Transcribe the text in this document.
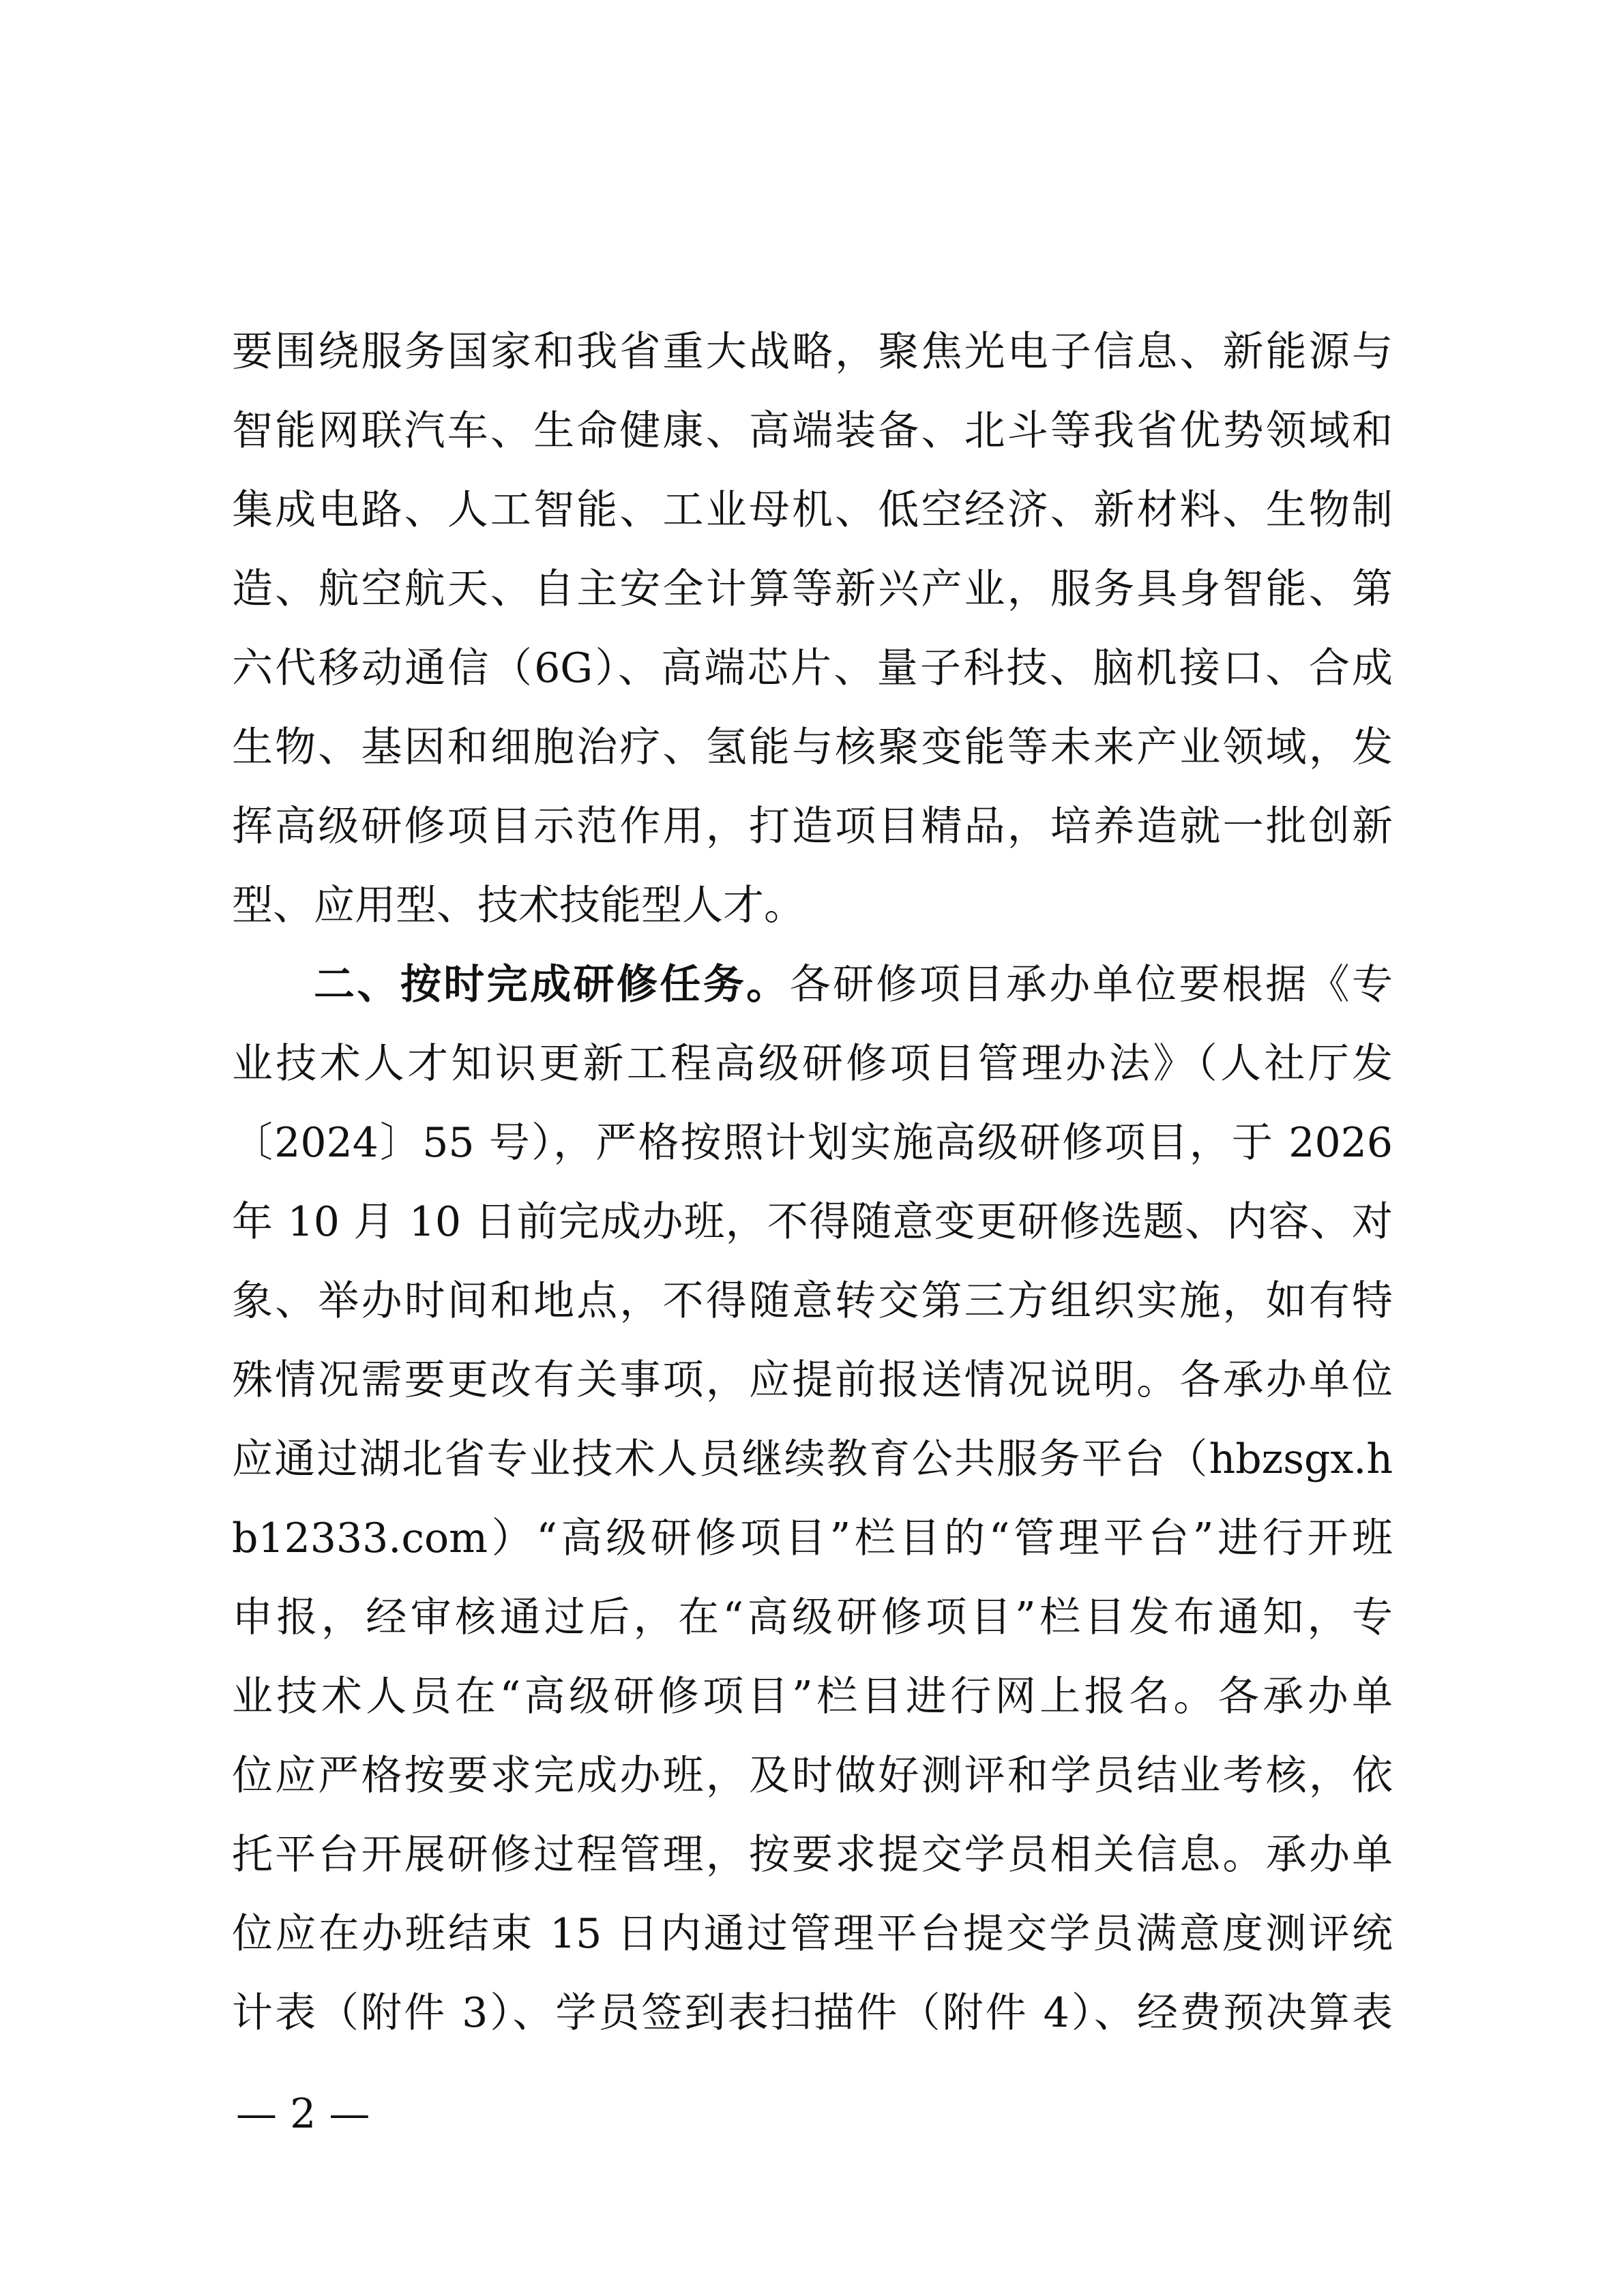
要围绕服务国家和我省重大战略，聚焦光电子信息、新能源与
智能网联汽车、生命健康、高端装备、北斗等我省优势领域和
集成电路、人工智能、工业母机、低空经济、新材料、生物制
造、航空航天、自主安全计算等新兴产业，服务具身智能、第
六代移动通信（6G）、高端芯片、量子科技、脑机接口、合成
生物、基因和细胞治疗、氢能与核聚变能等未来产业领域，发
挥高级研修项目示范作用，打造项目精品，培养造就一批创新
型、应用型、技术技能型人才。
二、按时完成研修任务。各研修项目承办单位要根据《专
业技术人才知识更新工程高级研修项目管理办法》（人社厅发
〔2024〕55 号），严格按照计划实施高级研修项目，于 2026
年 10 月 10 日前完成办班，不得随意变更研修选题、内容、对
象、举办时间和地点，不得随意转交第三方组织实施，如有特
殊情况需要更改有关事项，应提前报送情况说明。各承办单位
应通过湖北省专业技术人员继续教育公共服务平台（hbzsgx.h
b12333.com）“高级研修项目”栏目的“管理平台”进行开班
申报，经审核通过后，在“高级研修项目”栏目发布通知，专
业技术人员在“高级研修项目”栏目进行网上报名。各承办单
位应严格按要求完成办班，及时做好测评和学员结业考核，依
托平台开展研修过程管理，按要求提交学员相关信息。承办单
位应在办班结束 15 日内通过管理平台提交学员满意度测评统
计表（附件 3）、学员签到表扫描件（附件 4）、经费预决算表
— 2 —
